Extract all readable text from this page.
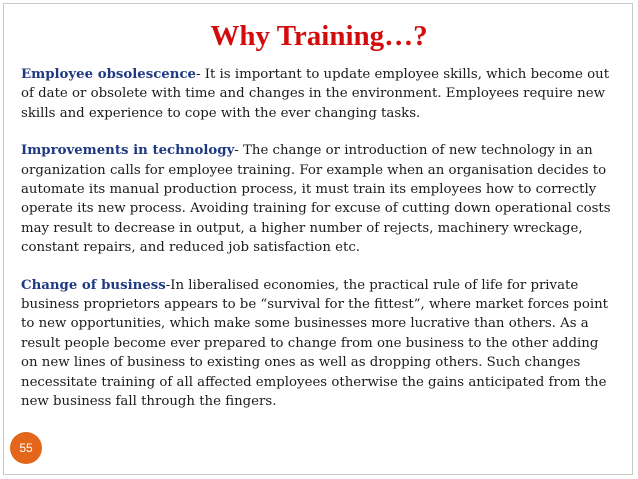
Why Training…?

Employee obsolescence- It is important to update employee skills, which become out of date or obsolete with time and changes in the environment. Employees require new skills and experience to cope with the ever changing tasks.

Improvements in technology- The change or introduction of new technology in an organization calls for employee training. For example when an organisation decides to automate its manual production process, it must train its employees how to correctly operate its new process. Avoiding training for excuse of cutting down operational costs may result to decrease in output, a higher number of rejects, machinery wreckage, constant repairs, and reduced job satisfaction etc.

Change of business-In liberalised economies, the practical rule of life for private business proprietors appears to be “survival for the fittest”, where market forces point to new opportunities, which make some businesses more lucrative than others. As a result people become ever prepared to change from one business to the other adding on new lines of business to existing ones as well as dropping others. Such changes necessitate training of all affected employees otherwise the gains anticipated from the new business fall through the fingers.

55
